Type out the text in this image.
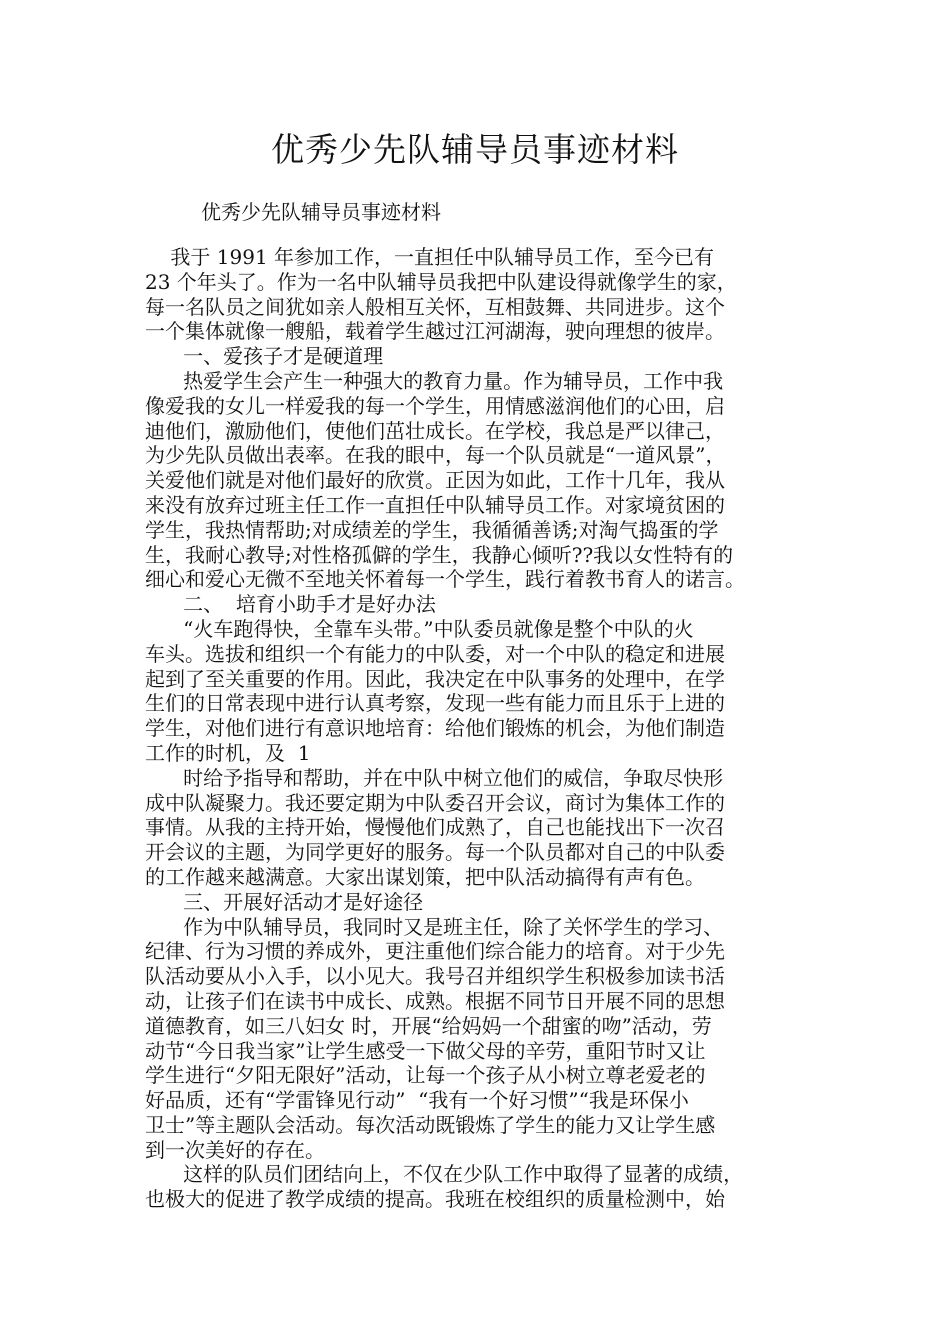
优秀少先队辅导员事迹材料
优秀少先队辅导员事迹材料
我于 1991 年参加工作，一直担任中队辅导员工作，至今已有
23 个年头了。作为一名中队辅导员我把中队建设得就像学生的家，
每一名队员之间犹如亲人般相互关怀，互相鼓舞、共同进步。这个
一个集体就像一艘船，载着学生越过江河湖海，驶向理想的彼岸。
一、爱孩子才是硬道理
热爱学生会产生一种强大的教育力量。作为辅导员，工作中我
像爱我的女儿一样爱我的每一个学生，用情感滋润他们的心田，启
迪他们，激励他们，使他们茁壮成长。在学校，我总是严以律己，
为少先队员做出表率。在我的眼中，每一个队员就是“一道风景”，
关爱他们就是对他们最好的欣赏。正因为如此，工作十几年，我从
来没有放弃过班主任工作一直担任中队辅导员工作。对家境贫困的
学生，我热情帮助;对成绩差的学生，我循循善诱;对淘气捣蛋的学
生，我耐心教导;对性格孤僻的学生，我静心倾听??我以女性特有的
细心和爱心无微不至地关怀着每一个学生，践行着教书育人的诺言。
二、  培育小助手才是好办法
“火车跑得快，全靠车头带。”中队委员就像是整个中队的火
车头。选拔和组织一个有能力的中队委，对一个中队的稳定和进展
起到了至关重要的作用。因此，我决定在中队事务的处理中，在学
生们的日常表现中进行认真考察，发现一些有能力而且乐于上进的
学生，对他们进行有意识地培育：给他们锻炼的机会，为他们制造
工作的时机，及  1
时给予指导和帮助，并在中队中树立他们的威信，争取尽快形
成中队凝聚力。我还要定期为中队委召开会议，商讨为集体工作的
事情。从我的主持开始，慢慢他们成熟了，自己也能找出下一次召
开会议的主题，为同学更好的服务。每一个队员都对自己的中队委
的工作越来越满意。大家出谋划策，把中队活动搞得有声有色。
三、开展好活动才是好途径
作为中队辅导员，我同时又是班主任，除了关怀学生的学习、
纪律、行为习惯的养成外，更注重他们综合能力的培育。对于少先
队活动要从小入手，以小见大。我号召并组织学生积极参加读书活
动，让孩子们在读书中成长、成熟。根据不同节日开展不同的思想
道德教育，如三八妇女 时，开展“给妈妈一个甜蜜的吻”活动，劳
动节“今日我当家”让学生感受一下做父母的辛劳，重阳节时又让
学生进行“夕阳无限好”活动，让每一个孩子从小树立尊老爱老的
好品质，还有“学雷锋见行动”  “我有一个好习惯”“我是环保小
卫士”等主题队会活动。每次活动既锻炼了学生的能力又让学生感
到一次美好的存在。
这样的队员们团结向上，不仅在少队工作中取得了显著的成绩，
也极大的促进了教学成绩的提高。我班在校组织的质量检测中，始
